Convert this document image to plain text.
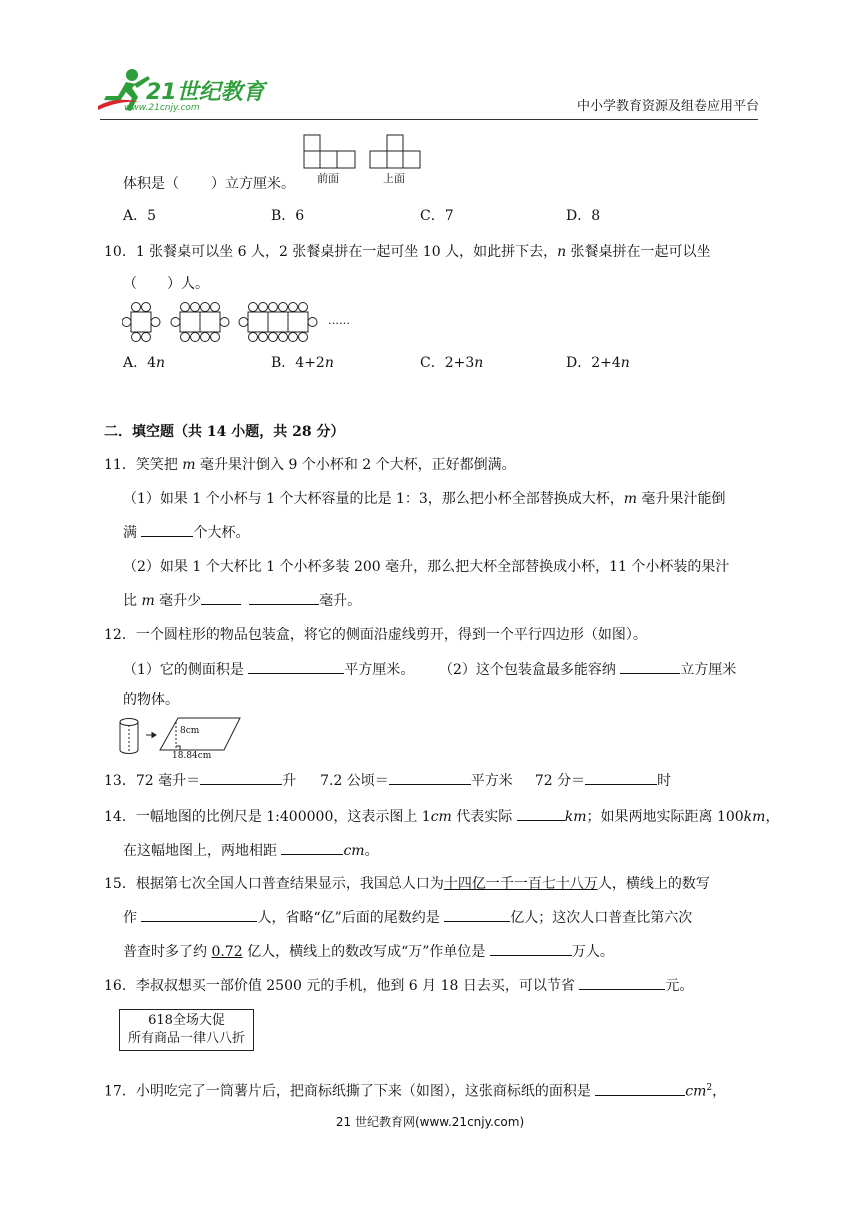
21世纪教育
www.21cnjy.com	中小学教育资源及组卷应用平台
前面	上面
体积是（ ）立方厘米。
A．5	B．6	C．7	D．8
10．1 张餐桌可以坐 6 人，2 张餐桌拼在一起可坐 10 人，如此拼下去，n 张餐桌拼在一起可以坐
（ ）人。
……
A．4n	B．4+2n	C．2+3n	D．2+4n
二．填空题（共 14 小题，共 28 分）
11．笑笑把 m 毫升果汁倒入 9 个小杯和 2 个大杯，正好都倒满。
（1）如果 1 个小杯与 1 个大杯容量的比是 1：3，那么把小杯全部替换成大杯，m 毫升果汁能倒
满	个大杯。
（2）如果 1 个大杯比 1 个小杯多装 200 毫升，那么把大杯全部替换成小杯，11 个小杯装的果汁
比 m 毫升少	毫升。
12．一个圆柱形的物品包装盒，将它的侧面沿虚线剪开，得到一个平行四边形（如图）。
（1）它的侧面积是	平方厘米。 （2）这个包装盒最多能容纳	立方厘米
的物体。
8cm
18.84cm
13．72 毫升＝	升 7.2 公顷＝	平方米 72 分＝	时
14．一幅地图的比例尺是 1:400000，这表示图上 1cm 代表实际	km；如果两地实际距离 100km，
在这幅地图上，两地相距	cm。
15．根据第七次全国人口普查结果显示，我国总人口为十四亿一千一百七十八万人，横线上的数写
作	人，省略“亿”后面的尾数约是	亿人；这次人口普查比第六次
普查时多了约 0.72 亿人，横线上的数改写成“万”作单位是	万人。
16．李叔叔想买一部价值 2500 元的手机，他到 6 月 18 日去买，可以节省	元。
618全场大促
所有商品一律八八折
17．小明吃完了一筒薯片后，把商标纸撕了下来（如图），这张商标纸的面积是	$cm^2$，
21 世纪教育网(www.21cnjy.com)
